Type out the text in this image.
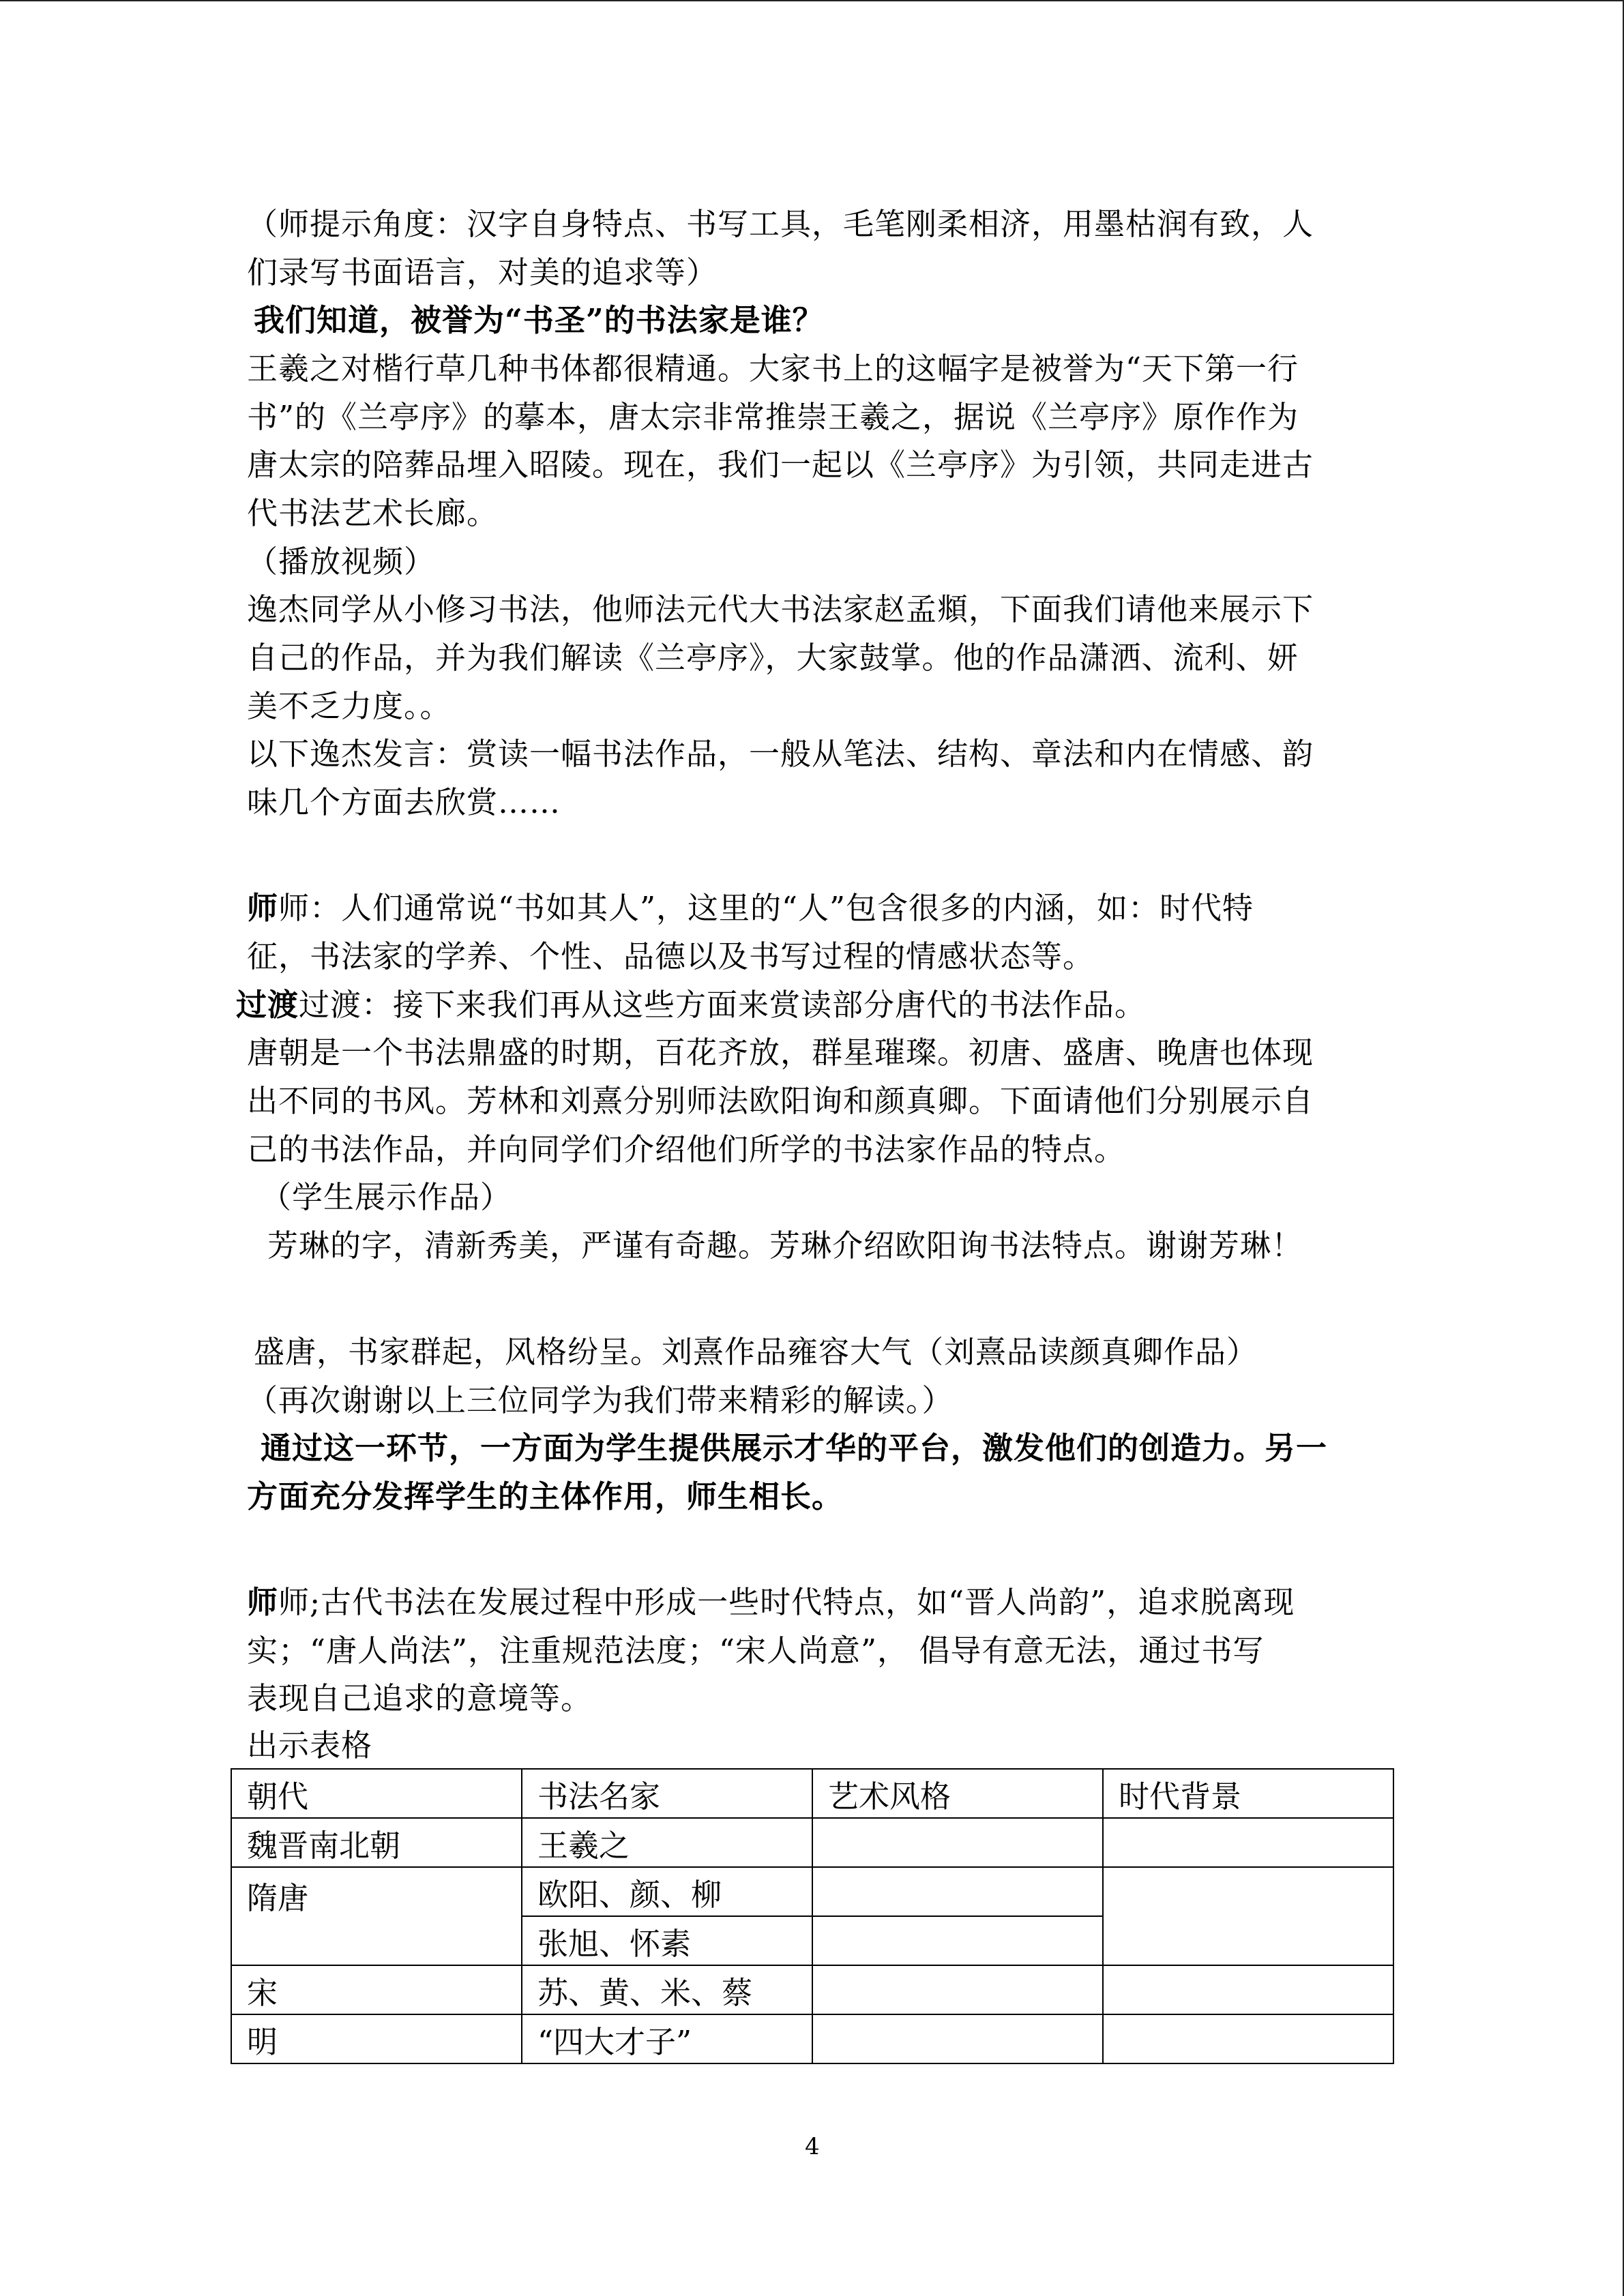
（师提示角度：汉字自身特点、书写工具，毛笔刚柔相济，用墨枯润有致，人
们录写书面语言，对美的追求等）
我们知道，被誉为“书圣”的书法家是谁？
王羲之对楷行草几种书体都很精通。大家书上的这幅字是被誉为“天下第一行
书”的《兰亭序》的摹本，唐太宗非常推崇王羲之，据说《兰亭序》原作作为
唐太宗的陪葬品埋入昭陵。现在，我们一起以《兰亭序》为引领，共同走进古
代书法艺术长廊。
（播放视频）
逸杰同学从小修习书法，他师法元代大书法家赵孟頫，下面我们请他来展示下
自己的作品，并为我们解读《兰亭序》，大家鼓掌。他的作品潇洒、流利、妍
美不乏力度。。
以下逸杰发言：赏读一幅书法作品，一般从笔法、结构、章法和内在情感、韵
味几个方面去欣赏……
师师：人们通常说“书如其人”，这里的“人”包含很多的内涵，如：时代特
征，书法家的学养、个性、品德以及书写过程的情感状态等。
过渡过渡：接下来我们再从这些方面来赏读部分唐代的书法作品。
唐朝是一个书法鼎盛的时期，百花齐放，群星璀璨。初唐、盛唐、晚唐也体现
出不同的书风。芳林和刘熹分别师法欧阳询和颜真卿。下面请他们分别展示自
己的书法作品，并向同学们介绍他们所学的书法家作品的特点。
（学生展示作品）
芳琳的字，清新秀美，严谨有奇趣。芳琳介绍欧阳询书法特点。谢谢芳琳！
盛唐，书家群起，风格纷呈。刘熹作品雍容大气（刘熹品读颜真卿作品）
（再次谢谢以上三位同学为我们带来精彩的解读。）
通过这一环节，一方面为学生提供展示才华的平台，激发他们的创造力。另一
方面充分发挥学生的主体作用，师生相长。
师师;古代书法在发展过程中形成一些时代特点，如“晋人尚韵”，追求脱离现
实；“唐人尚法”，注重规范法度；“宋人尚意”， 倡导有意无法，通过书写
表现自己追求的意境等。
出示表格
朝代	书法名家	艺术风格	时代背景
魏晋南北朝	王羲之		
隋唐	欧阳、颜、柳		
	张旭、怀素		
宋	苏、黄、米、蔡		
明	“四大才子”		
4
